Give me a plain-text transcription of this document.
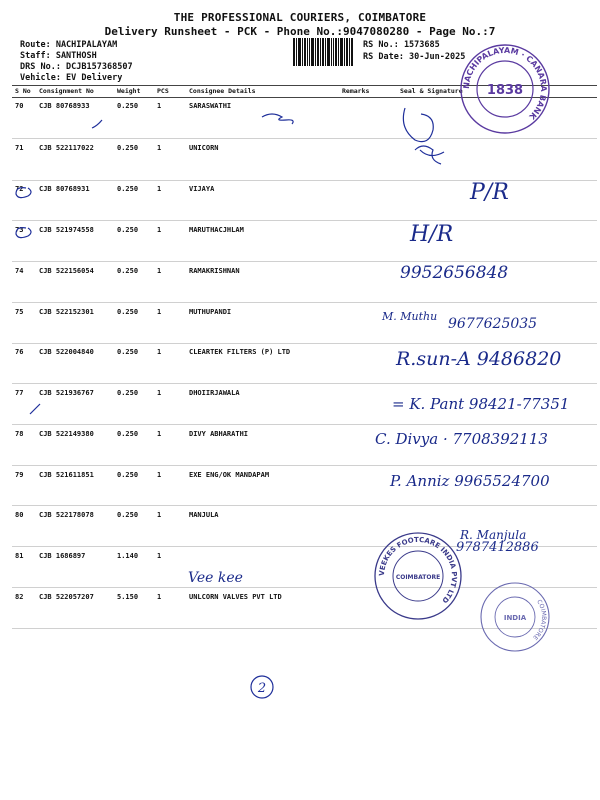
THE PROFESSIONAL COURIERS, COIMBATORE
Delivery Runsheet - PCK - Phone No.:9047080280 - Page No.:7
Route: NACHIPALAYAM
Staff: SANTHOSH
DRS No.: DCJB157368507
Vehicle: EV Delivery
RS No.: 1573685
RS Date: 30-Jun-2025
S No Consignment No	Weight	PCS	Consignee Details	Remarks	Seal & Signature
70 CJB 80768933	0.250	1	SARASWATHI
71 CJB 522117022	0.250	1	UNICORN
72 CJB 80768931	0.250	1	VIJAYA
73 CJB 521974558	0.250	1	MARUTHACJHLAM
74 CJB 522156054	0.250	1	RAMAKRISHNAN
75 CJB 522152301	0.250	1	MUTHUPANDI
76 CJB 522004840	0.250	1	CLEARTEK FILTERS (P) LTD
77 CJB 521936767	0.250	1	DHOIIRJAWALA
78 CJB 522149380	0.250	1	DIVY ABHARATHI
79 CJB 521611851	0.250	1	EXE ENG/OK MANDAPAM
80 CJB 522178078	0.250	1	MANJULA
81 CJB 1686897	1.140	1
82 CJB 522057207	5.150	1	UNLCORN VALVES PVT LTD
P/R
H/R
9952656848
M. Muthu 9677625035
R.sun-A 9486820
= K. Pant 98421-77351
C. Divya · 7708392113
P. Anniz 9965524700
R. Manjula
9787412886
Vee kee
NACHIPALAYAM · CANARA BANK
1838
VEEKES FOOTCARE INDIA PVT LTD
COIMBATORE
COIMBATORE
INDIA
2
